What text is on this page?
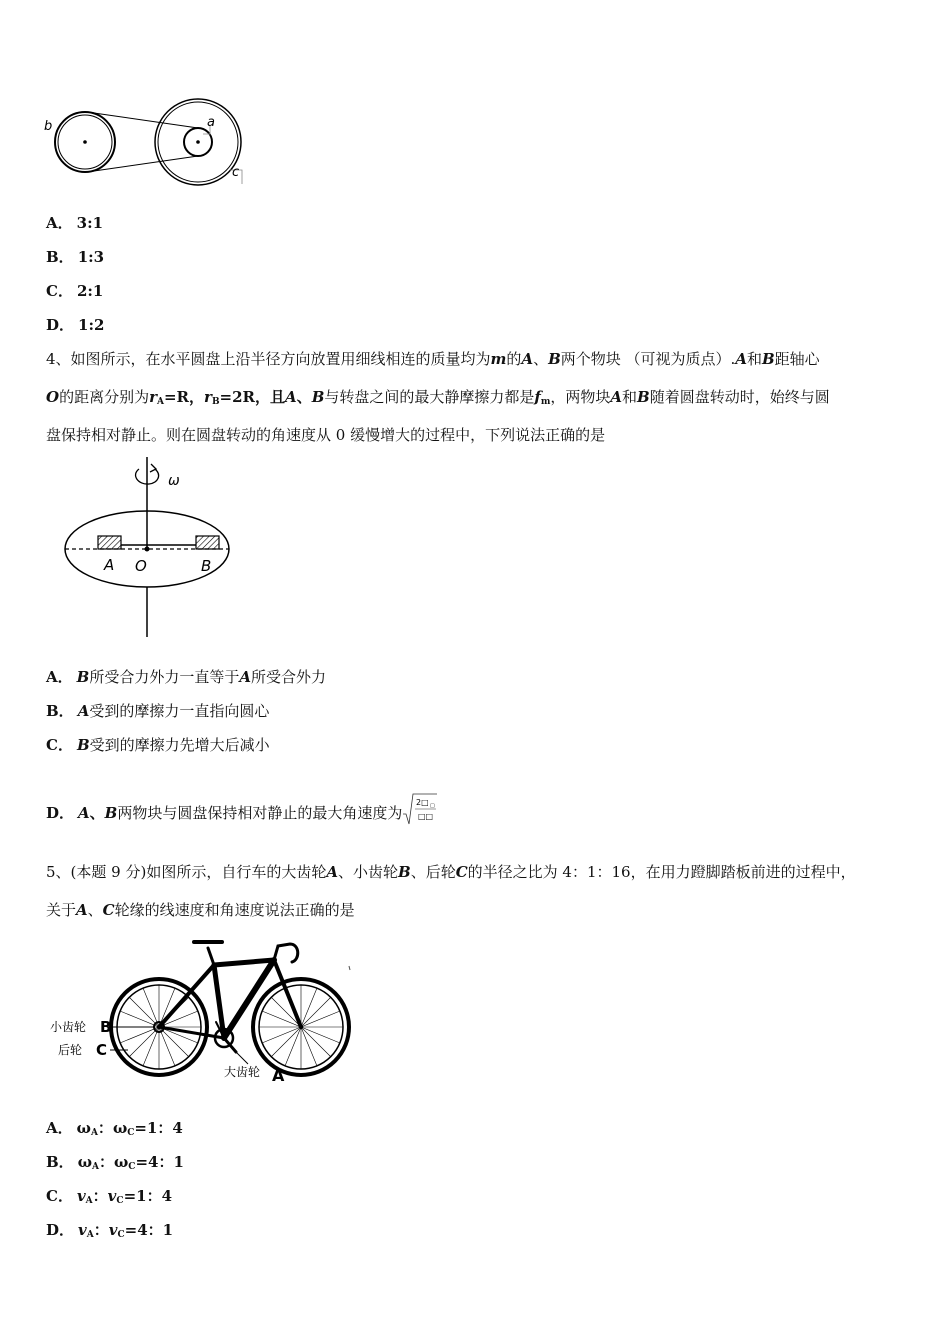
b	a
c
A． 3:1
B． 1:3
C． 2:1
D． 1:2
4、如图所示，在水平圆盘上沿半径方向放置用细线相连的质量均为m的A、B两个物块 （可视为质点）.A和B距轴心
O的距离分别为$r_A=R$，$r_B=2R$，且A、B与转盘之间的最大静摩擦力都是$f_m$，两物块A和B随着圆盘转动时，始终与圆
盘保持相对静止。则在圆盘转动的角速度从 0 缓慢增大的过程中，下列说法正确的是
ω
A O	B
A． B所受合力外力一直等于A所受合外力
B． A受到的摩擦力一直指向圆心
C． B受到的摩擦力先增大后减小
D． A、B两物块与圆盘保持相对静止的最大角速度为
2□ □
□□
5、(本题 9 分)如图所示，自行车的大齿轮A、小齿轮B、后轮C的半径之比为 4：1：16，在用力蹬脚踏板前进的过程中，
关于A、C轮缘的线速度和角速度说法正确的是
小齿轮 B
后轮 C
大齿轮 A
A． $\omega_A$：$\omega_C=1$：4
B． $\omega_A$：$\omega_C=4$：1
C． $v_A$：$v_C=1$：4
D． $v_A$：$v_C=4$：1
